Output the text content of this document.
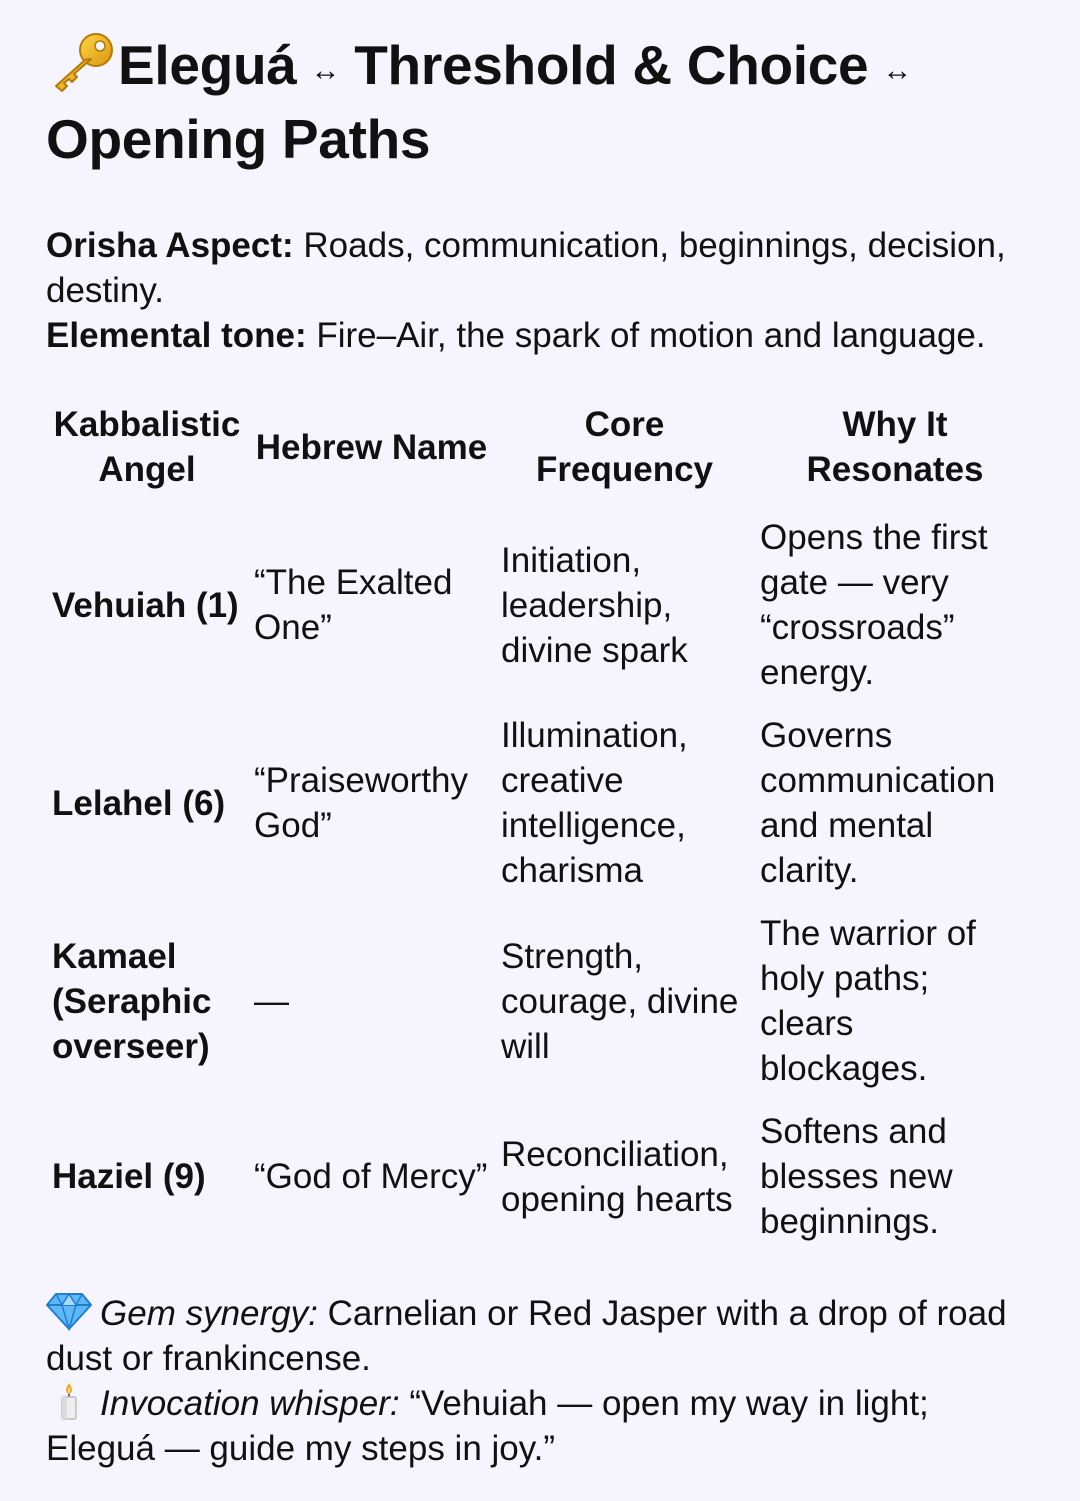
Eleguá ↔ Threshold & Choice ↔
Opening Paths

Orisha Aspect: Roads, communication, beginnings, decision, destiny.

Elemental tone: Fire–Air, the spark of motion and language.

Kabbalistic Angel	Hebrew Name	Core Frequency	Why It Resonates
Vehuiah (1)	“The Exalted One”	Initiation, leadership, divine spark	Opens the first gate — very “crossroads” energy.
Lelahel (6)	“Praiseworthy God”	Illumination, creative intelligence, charisma	Governs communication and mental clarity.
Kamael (Seraphic overseer)	—	Strength, courage, divine will	The warrior of holy paths; clears blockages.
Haziel (9)	“God of Mercy”	Reconciliation, opening hearts	Softens and blesses new beginnings.

Gem synergy: Carnelian or Red Jasper with a drop of road dust or frankincense.

Invocation whisper: “Vehuiah — open my way in light; Eleguá — guide my steps in joy.”
